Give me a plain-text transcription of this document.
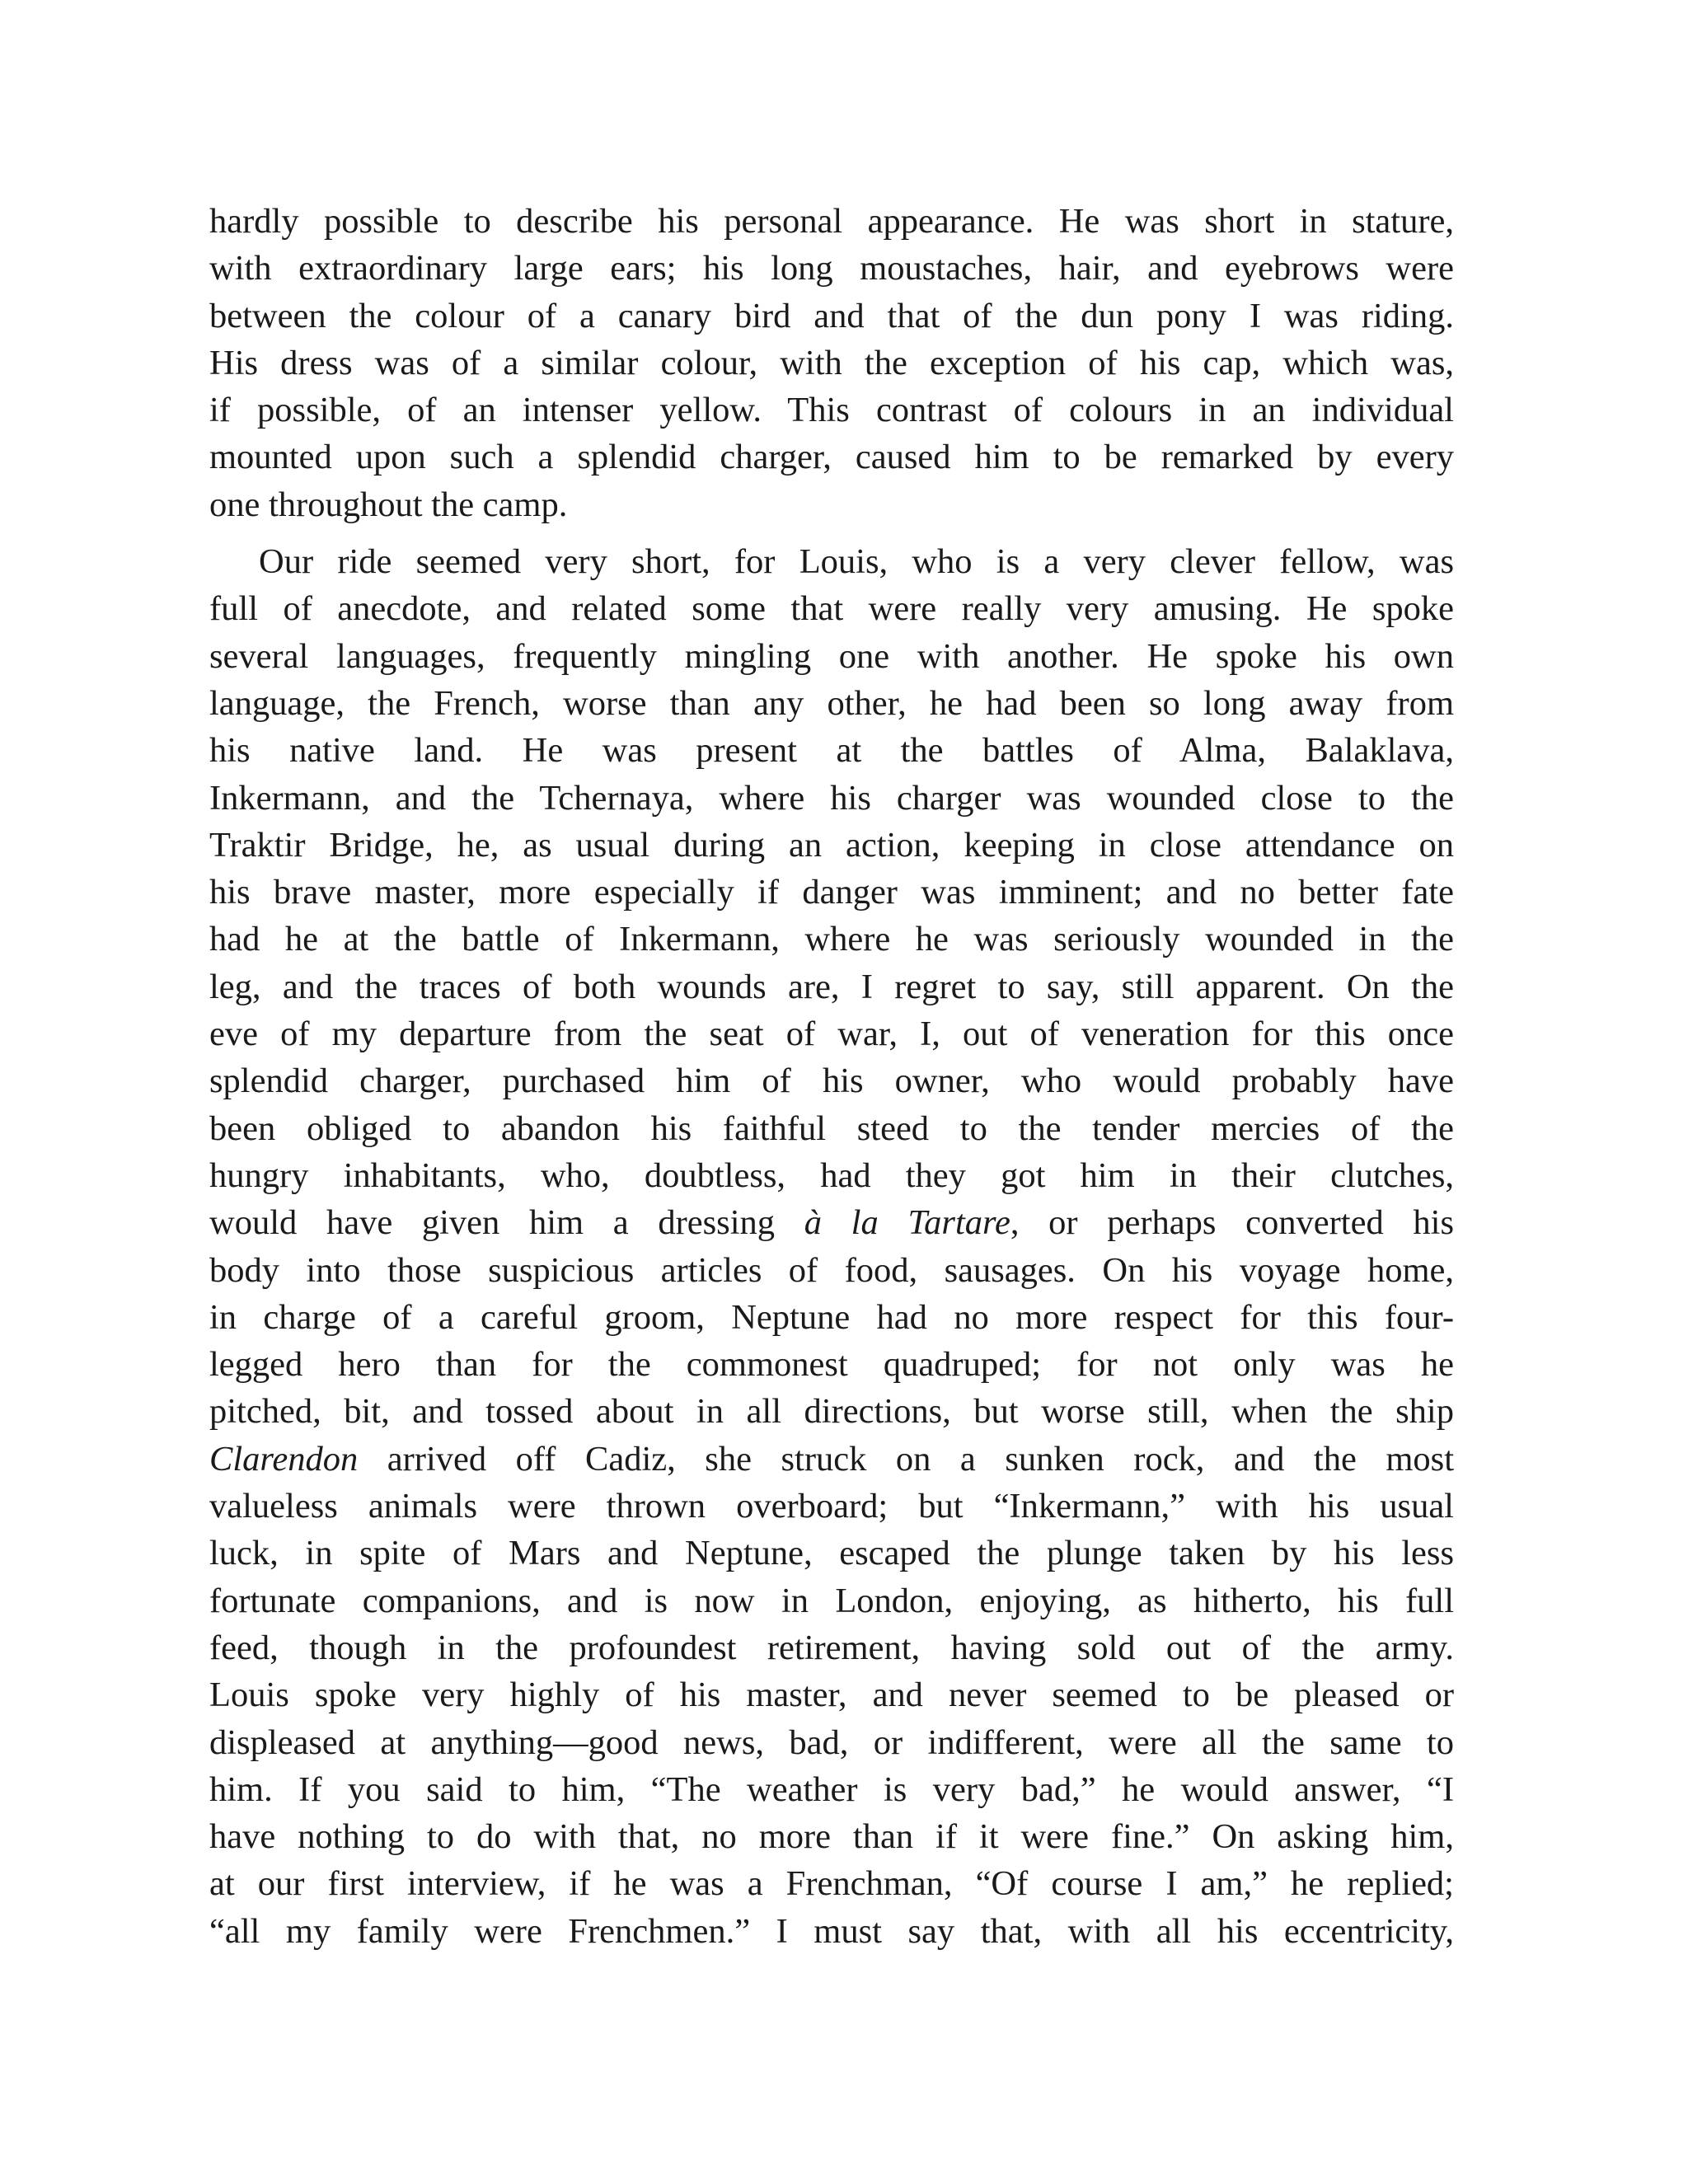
hardly possible to describe his personal appearance. He was short in stature,
with extraordinary large ears; his long moustaches, hair, and eyebrows were
between the colour of a canary bird and that of the dun pony I was riding.
His dress was of a similar colour, with the exception of his cap, which was,
if possible, of an intenser yellow. This contrast of colours in an individual
mounted upon such a splendid charger, caused him to be remarked by every
one throughout the camp.
Our ride seemed very short, for Louis, who is a very clever fellow, was
full of anecdote, and related some that were really very amusing. He spoke
several languages, frequently mingling one with another. He spoke his own
language, the French, worse than any other, he had been so long away from
his native land. He was present at the battles of Alma, Balaklava,
Inkermann, and the Tchernaya, where his charger was wounded close to the
Traktir Bridge, he, as usual during an action, keeping in close attendance on
his brave master, more especially if danger was imminent; and no better fate
had he at the battle of Inkermann, where he was seriously wounded in the
leg, and the traces of both wounds are, I regret to say, still apparent. On the
eve of my departure from the seat of war, I, out of veneration for this once
splendid charger, purchased him of his owner, who would probably have
been obliged to abandon his faithful steed to the tender mercies of the
hungry inhabitants, who, doubtless, had they got him in their clutches,
would have given him a dressing à la Tartare, or perhaps converted his
body into those suspicious articles of food, sausages. On his voyage home,
in charge of a careful groom, Neptune had no more respect for this four-
legged hero than for the commonest quadruped; for not only was he
pitched, bit, and tossed about in all directions, but worse still, when the ship
Clarendon arrived off Cadiz, she struck on a sunken rock, and the most
valueless animals were thrown overboard; but “Inkermann,” with his usual
luck, in spite of Mars and Neptune, escaped the plunge taken by his less
fortunate companions, and is now in London, enjoying, as hitherto, his full
feed, though in the profoundest retirement, having sold out of the army.
Louis spoke very highly of his master, and never seemed to be pleased or
displeased at anything—good news, bad, or indifferent, were all the same to
him. If you said to him, “The weather is very bad,” he would answer, “I
have nothing to do with that, no more than if it were fine.” On asking him,
at our first interview, if he was a Frenchman, “Of course I am,” he replied;
“all my family were Frenchmen.” I must say that, with all his eccentricity,
